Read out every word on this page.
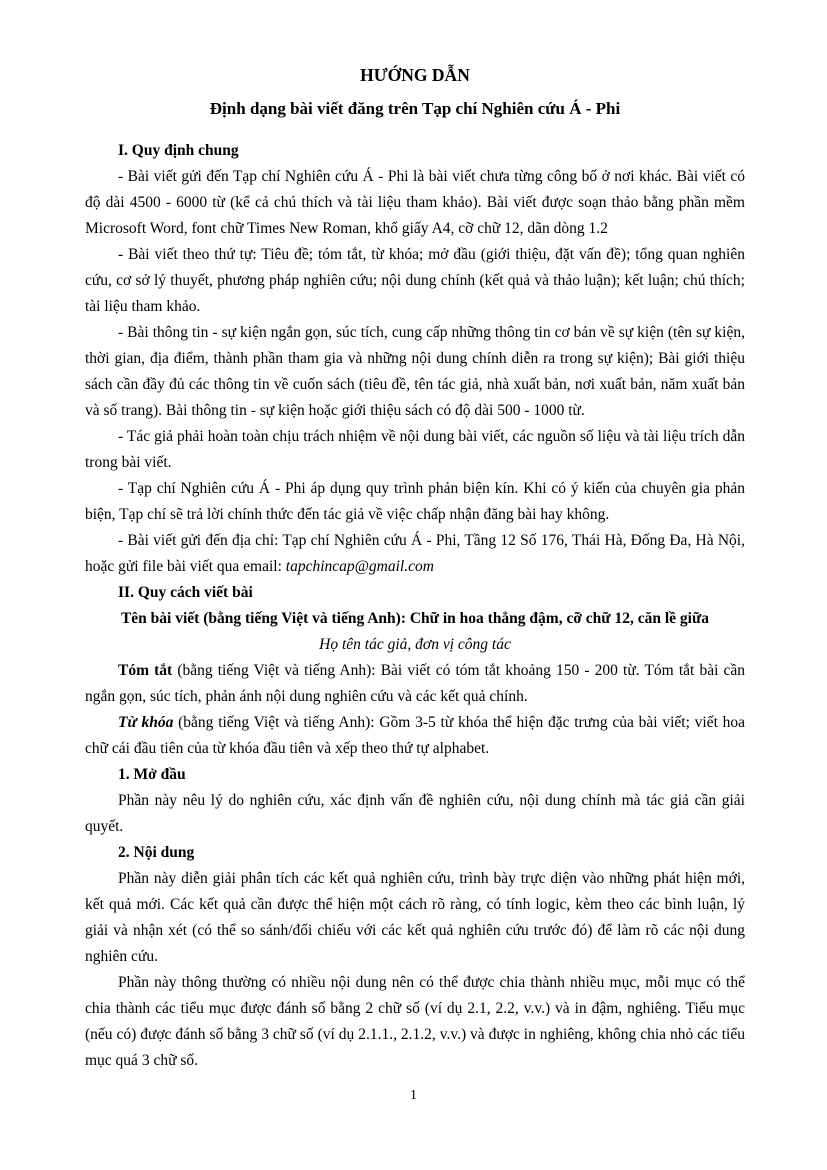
HƯỚNG DẪN

Định dạng bài viết đăng trên Tạp chí Nghiên cứu Á - Phi

I. Quy định chung

- Bài viết gửi đến Tạp chí Nghiên cứu Á - Phi là bài viết chưa từng công bố ở nơi khác. Bài viết có độ dài 4500 - 6000 từ (kể cả chú thích và tài liệu tham khảo). Bài viết được soạn thảo bằng phần mềm Microsoft Word, font chữ Times New Roman, khổ giấy A4, cỡ chữ 12, dãn dòng 1.2

- Bài viết theo thứ tự: Tiêu đề; tóm tắt, từ khóa; mở đầu (giới thiệu, đặt vấn đề); tổng quan nghiên cứu, cơ sở lý thuyết, phương pháp nghiên cứu; nội dung chính (kết quả và thảo luận); kết luận; chú thích; tài liệu tham khảo.

- Bài thông tin - sự kiện ngắn gọn, súc tích, cung cấp những thông tin cơ bản về sự kiện (tên sự kiện, thời gian, địa điểm, thành phần tham gia và những nội dung chính diễn ra trong sự kiện); Bài giới thiệu sách cần đầy đủ các thông tin về cuốn sách (tiêu đề, tên tác giả, nhà xuất bản, nơi xuất bản, năm xuất bản và số trang). Bài thông tin - sự kiện hoặc giới thiệu sách có độ dài 500 - 1000 từ.

- Tác giả phải hoàn toàn chịu trách nhiệm về nội dung bài viết, các nguồn số liệu và tài liệu trích dẫn trong bài viết.

- Tạp chí Nghiên cứu Á - Phi áp dụng quy trình phản biện kín. Khi có ý kiến của chuyên gia phản biện, Tạp chí sẽ trả lời chính thức đến tác giả về việc chấp nhận đăng bài hay không.

- Bài viết gửi đến địa chỉ: Tạp chí Nghiên cứu Á - Phi, Tầng 12 Số 176, Thái Hà, Đống Đa, Hà Nội, hoặc gửi file bài viết qua email: tapchincap@gmail.com

II. Quy cách viết bài

Tên bài viết (bằng tiếng Việt và tiếng Anh): Chữ in hoa thẳng đậm, cỡ chữ 12, căn lề giữa

Họ tên tác giả, đơn vị công tác

Tóm tắt (bằng tiếng Việt và tiếng Anh): Bài viết có tóm tắt khoảng 150 - 200 từ. Tóm tắt bài cần ngắn gọn, súc tích, phản ánh nội dung nghiên cứu và các kết quả chính.

Từ khóa (bằng tiếng Việt và tiếng Anh): Gồm 3-5 từ khóa thể hiện đặc trưng của bài viết; viết hoa chữ cái đầu tiên của từ khóa đầu tiên và xếp theo thứ tự alphabet.

1. Mở đầu

Phần này nêu lý do nghiên cứu, xác định vấn đề nghiên cứu, nội dung chính mà tác giả cần giải quyết.

2. Nội dung

Phần này diễn giải phân tích các kết quả nghiên cứu, trình bày trực diện vào những phát hiện mới, kết quả mới. Các kết quả cần được thể hiện một cách rõ ràng, có tính logic, kèm theo các bình luận, lý giải và nhận xét (có thể so sánh/đối chiếu với các kết quả nghiên cứu trước đó) để làm rõ các nội dung nghiên cứu.

Phần này thông thường có nhiều nội dung nên có thể được chia thành nhiều mục, mỗi mục có thể chia thành các tiểu mục được đánh số bằng 2 chữ số (ví dụ 2.1, 2.2, v.v.) và in đậm, nghiêng. Tiểu mục (nếu có) được đánh số bằng 3 chữ số (ví dụ 2.1.1., 2.1.2, v.v.) và được in nghiêng, không chia nhỏ các tiểu mục quá 3 chữ số.

1
